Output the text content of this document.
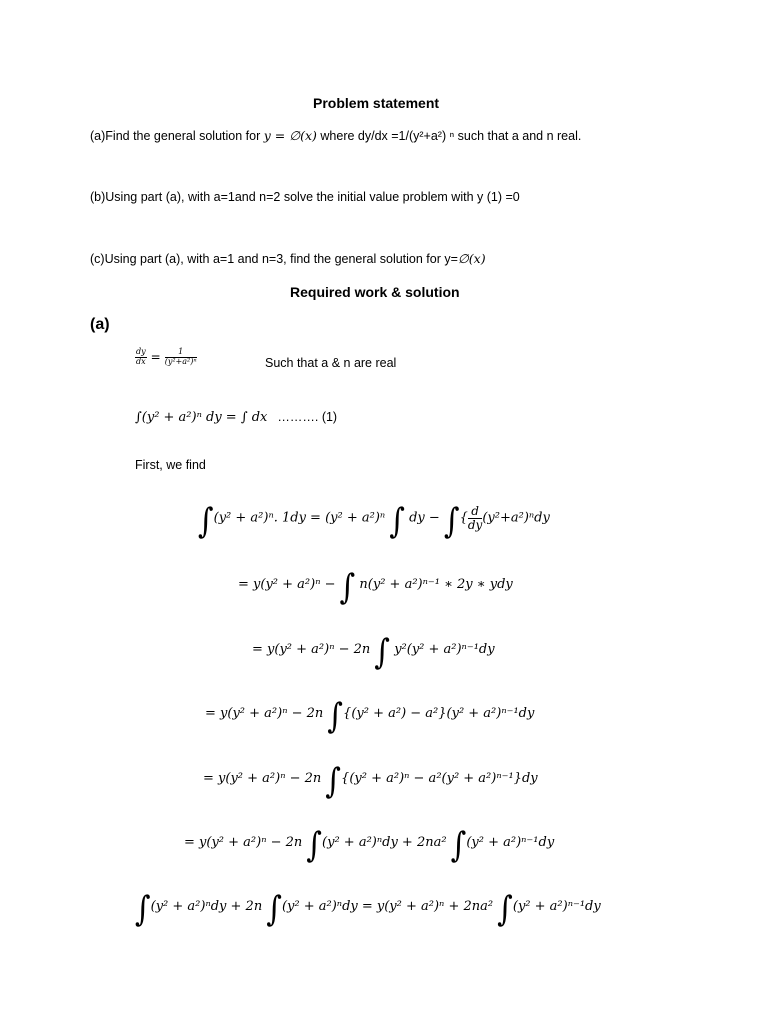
Problem statement
(a)Find the general solution for y = ∅(x) where dy/dx =1/(y²+a²) ⁿ such that a and n real.
(b)Using part (a), with a=1and n=2 solve the initial value problem with y (1) =0
(c)Using part (a), with a=1 and n=3, find the general solution for y=∅(x)
Required work & solution
(a)
$\frac{dy}{dx} = \frac{1}{\text{(y²+a²)ⁿ}}$	Such that a & n are real
∫(y² + a²)ⁿ dy = ∫ dx ………. (1)
First, we find
∫(y² + a²)ⁿ. 1dy = (y² + a²)ⁿ ∫ dy − ∫{ $\frac{d}{dy} (y^2+a^2)^ndy$
= y(y² + a²)ⁿ − ∫ n(y² + a²)ⁿ⁻¹ ∗ 2y ∗ ydy
= y(y² + a²)ⁿ − 2n ∫ y²(y² + a²)ⁿ⁻¹dy
= y(y² + a²)ⁿ − 2n ∫{(y² + a²) − a²}(y² + a²)ⁿ⁻¹dy
= y(y² + a²)ⁿ − 2n ∫{(y² + a²)ⁿ − a²(y² + a²)ⁿ⁻¹}dy
= y(y² + a²)ⁿ − 2n ∫(y² + a²)ⁿdy + 2na² ∫(y² + a²)ⁿ⁻¹dy
∫(y² + a²)ⁿdy + 2n ∫(y² + a²)ⁿdy = y(y² + a²)ⁿ + 2na² ∫(y² + a²)ⁿ⁻¹dy
